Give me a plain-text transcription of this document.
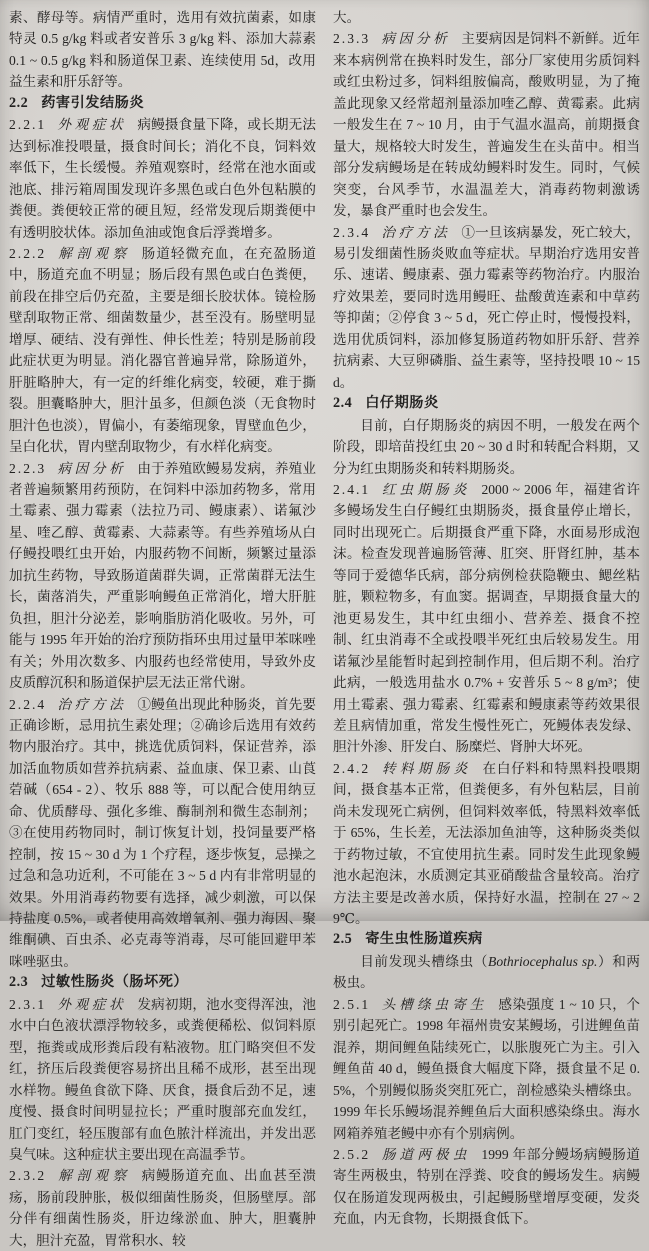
素、酵母等。病情严重时，选用有效抗菌素，如康特灵 0.5 g/kg 料或者安普乐 3 g/kg 料、添加大蒜素 0.1 ~ 0.5 g/kg 料和肠道保卫素、连续使用 5d，改用益生素和肝乐舒等。

2.2 药害引发结肠炎

2.2.1 外观症状 病鳗摄食量下降，或长期无法达到标准投喂量，摄食时间长；消化不良，饲料效率低下，生长缓慢。养殖观察时，经常在池水面或池底、排污箱周围发现许多黑色或白色外包粘膜的粪便。粪便较正常的硬且短，经常发现后期粪便中有透明胶状体。添加鱼油或饱食后浮粪增多。

2.2.2 解剖观察 肠道轻微充血，在充盈肠道中，肠道充血不明显；肠后段有黑色或白色粪便，前段在排空后仍充盈，主要是细长胶状体。镜检肠壁刮取物正常、细菌数量少，甚至没有。肠壁明显增厚、硬结、没有弹性、伸长性差；特别是肠前段此症状更为明显。消化器官普遍异常，除肠道外，肝脏略肿大，有一定的纤维化病变，较硬，难于撕裂。胆囊略肿大，胆汁虽多，但颜色淡（无食物时胆汁色也淡），胃偏小，有萎缩现象，胃壁血色少，呈白化状，胃内壁刮取物少，有水样化病变。

2.2.3 病因分析 由于养殖欧鳗易发病，养殖业者普遍频繁用药预防，在饲料中添加药物多，常用土霉素、强力霉素（法拉乃司、鳗康素）、诺氟沙星、喹乙醇、黄霉素、大蒜素等。有些养殖场从白仔鳗投喂红虫开始，内服药物不间断，频繁过量添加抗生药物，导致肠道菌群失调，正常菌群无法生长，菌落消失，严重影响鳗鱼正常消化，增大肝脏负担，胆汁分泌差，影响脂肪消化吸收。另外，可能与 1995 年开始的治疗预防指环虫用过量甲苯咪唑有关；外用次数多、内服药也经常使用，导致外皮皮质醇沉积和肠道保护层无法正常代谢。

2.2.4 治疗方法 ①鳗鱼出现此种肠炎，首先要正确诊断，忌用抗生素处理；②确诊后选用有效药物内服治疗。其中，挑选优质饲料，保证营养，添加活血物质如营养抗病素、益血康、保卫素、山莨菪碱（654 - 2）、牧乐 888 等，可以配合使用纳豆命、优质酵母、强化多维、酶制剂和微生态制剂；③在使用药物同时，制订恢复计划，投饲量要严格控制，按 15 ~ 30 d 为 1 个疗程，逐步恢复，忌操之过急和急功近利，不可能在 3 ~ 5 d 内有非常明显的效果。外用消毒药物要有选择，减少刺激，可以保持盐度 0.5%，或者使用高效增氧剂、强力海因、聚维酮碘、百虫杀、必克毒等消毒，尽可能回避甲苯咪唑驱虫。

2.3 过敏性肠炎（肠坏死）

2.3.1 外观症状 发病初期，池水变得浑浊，池水中白色液状漂浮物较多，或粪便稀松、似饲料原型，拖粪或成形粪后段有粘液物。肛门略突但不发红，挤压后段粪便容易挤出且稀不成形，甚至出现水样物。鳗鱼食欲下降、厌食，摄食后劲不足，速度慢、摄食时间明显拉长；严重时腹部充血发红，肛门变红，轻压腹部有血色脓汁样流出，并发出恶臭气味。这种症状主要出现在高温季节。

2.3.2 解剖观察 病鳗肠道充血、出血甚至溃疡，肠前段肿胀，极似细菌性肠炎，但肠壁厚。部分伴有细菌性肠炎，肝边缘淤血、肿大，胆囊肿大，胆汁充盈，胃常积水、较

大。

2.3.3 病因分析 主要病因是饲料不新鲜。近年来本病例常在换料时发生，部分厂家使用劣质饲料或红虫粉过多，饲料组胺偏高，酸败明显，为了掩盖此现象又经常超剂量添加喹乙醇、黄霉素。此病一般发生在 7 ~ 10 月，由于气温水温高，前期摄食量大，规格较大时发生，普遍发生在头苗中。相当部分发病鳗场是在转成幼鳗料时发生。同时，气候突变，台风季节，水温温差大，消毒药物刺激诱发，暴食严重时也会发生。

2.3.4 治疗方法 ①一旦该病暴发，死亡较大，易引发细菌性肠炎败血等症状。早期治疗选用安普乐、速诺、鳗康素、强力霉素等药物治疗。内服治疗效果差，要同时选用鳗旺、盐酸黄连素和中草药等抑菌；②停食 3 ~ 5 d，死亡停止时，慢慢投料，选用优质饲料，添加修复肠道药物如肝乐舒、营养抗病素、大豆卵磷脂、益生素等，坚持投喂 10 ~ 15 d。

2.4 白仔期肠炎

目前，白仔期肠炎的病因不明，一般发在两个阶段，即培苗投红虫 20 ~ 30 d 时和转配合料期，又分为红虫期肠炎和转料期肠炎。

2.4.1 红虫期肠炎 2000 ~ 2006 年，福建省许多鳗场发生白仔鳗红虫期肠炎，摄食量停止增长，同时出现死亡。后期摄食严重下降，水面易形成泡沫。检查发现普遍肠管薄、肛突、肝肾红肿，基本等同于爱德华氏病，部分病例检获隐鞭虫、鳃丝粘脏，颗粒物多，有血窦。据调查，早期摄食量大的池更易发生，其中红虫细小、营养差、摄食不控制、红虫消毒不全或投喂半死红虫后较易发生。用诺氟沙星能暂时起到控制作用，但后期不利。治疗此病，一般选用盐水 0.7% + 安普乐 5 ~ 8 g/m³；使用土霉素、强力霉素、红霉素和鳗康素等药效果很差且病情加重，常发生慢性死亡，死鳗体表发绿、胆汁外渗、肝发白、肠糜烂、肾肿大坏死。

2.4.2 转料期肠炎 在白仔料和特黑料投喂期间，摄食基本正常，但粪便多，有外包粘层，目前尚未发现死亡病例，但饲料效率低，特黑料效率低于 65%，生长差，无法添加鱼油等，这种肠炎类似于药物过敏，不宜使用抗生素。同时发生此现象鳗池水起泡沫，水质测定其亚硝酸盐含量较高。治疗方法主要是改善水质，保持好水温，控制在 27 ~ 29℃。

2.5 寄生虫性肠道疾病

目前发现头槽绦虫（Bothriocephalus sp.）和两极虫。

2.5.1 头槽绦虫寄生 感染强度 1 ~ 10 只，个别引起死亡。1998 年福州贵安某鳗场，引进鲤鱼苗混养，期间鲤鱼陆续死亡，以胀腹死亡为主。引入鲤鱼苗 40 d，鳗鱼摄食大幅度下降，摄食量不足 0.5%，个别鳗似肠炎突肛死亡，剖检感染头槽绦虫。1999 年长乐鳗场混养鲤鱼后大面积感染绦虫。海水网箱养殖老鳗中亦有个别病例。

2.5.2 肠道两极虫 1999 年部分鳗场病鳗肠道寄生两极虫，特别在浮粪、咬食的鳗场发生。病鳗仅在肠道发现两极虫，引起鳗肠壁增厚变硬，发炎充血，内无食物，长期摄食低下。
